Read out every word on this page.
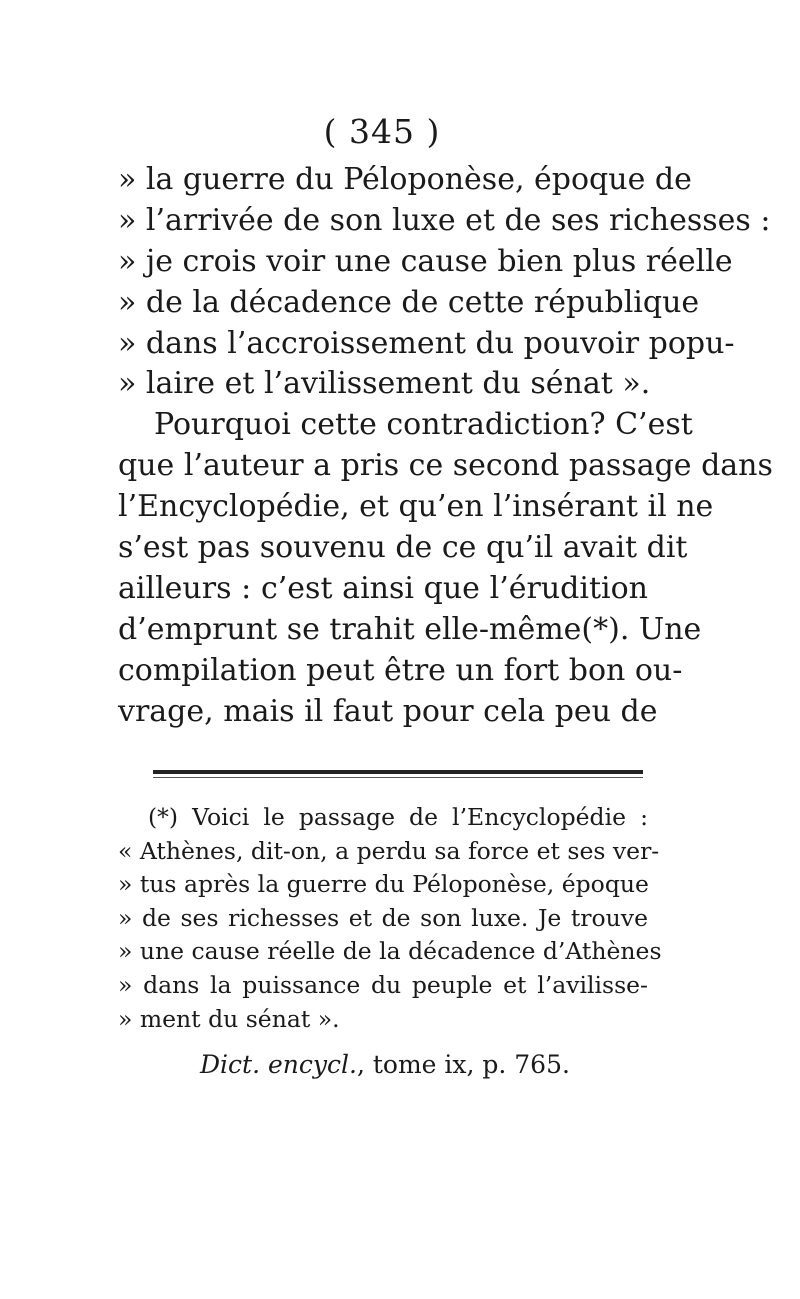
( 345 )
» la guerre du Péloponèse, époque de
» l’arrivée de son luxe et de ses richesses :
» je crois voir une cause bien plus réelle
» de la décadence de cette république
» dans l’accroissement du pouvoir popu-
» laire et l’avilissement du sénat ».
Pourquoi cette contradiction? C’est
que l’auteur a pris ce second passage dans
l’Encyclopédie, et qu’en l’insérant il ne
s’est pas souvenu de ce qu’il avait dit
ailleurs : c’est ainsi que l’érudition
d’emprunt se trahit elle-même(*). Une
compilation peut être un fort bon ou-
vrage, mais il faut pour cela peu de
(*) Voici le passage de l’Encyclopédie :
« Athènes, dit-on, a perdu sa force et ses ver-
» tus après la guerre du Péloponèse, époque
» de ses richesses et de son luxe. Je trouve
» une cause réelle de la décadence d’Athènes
» dans la puissance du peuple et l’avilisse-
» ment du sénat ».
Dict. encycl., tome ix, p. 765.
